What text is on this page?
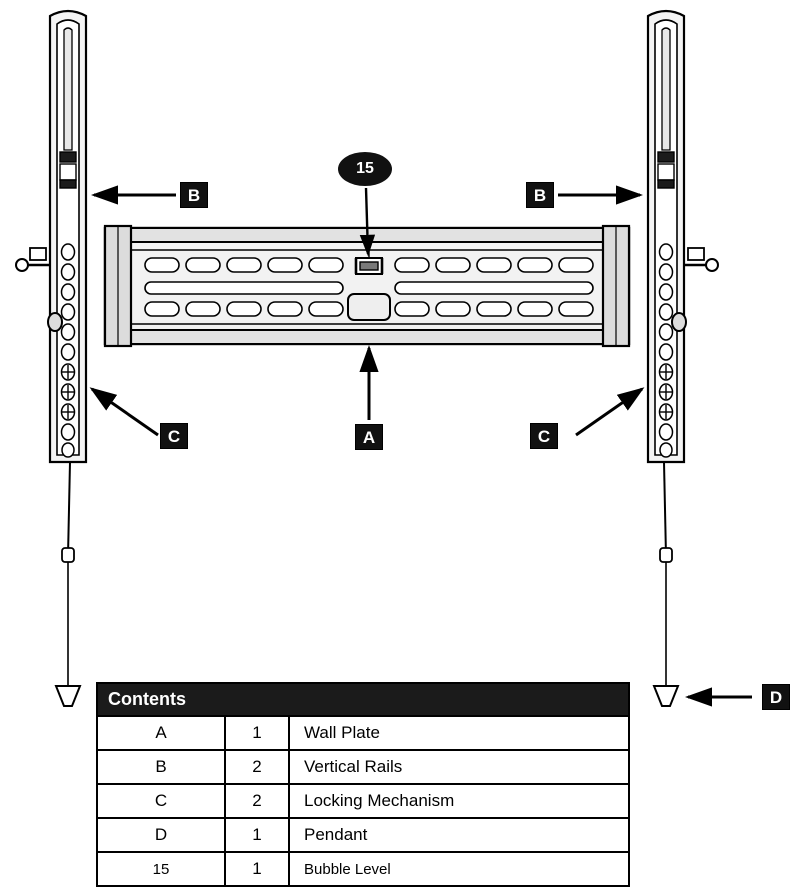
B	B
C	C
A
D
15
Contents		
A	1	Wall Plate
B	2	Vertical Rails
C	2	Locking Mechanism
D	1	Pendant
15	1	Bubble Level
